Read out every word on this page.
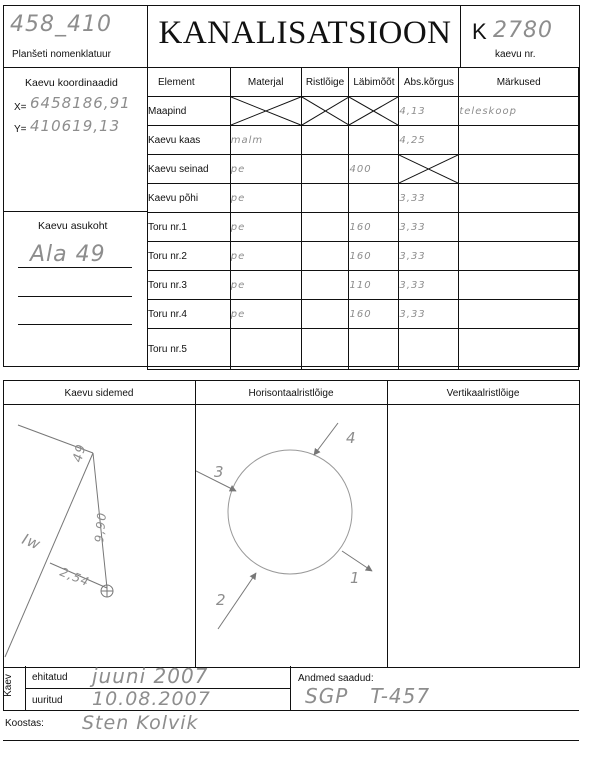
458_410
Planšeti nomenklatuur
KANALISATSIOON K 2780
kaevu nr.
Kaevu koordinaadid
X= 6458186,91
Y= 410619,13
Kaevu asukoht
Ala 49
Element	Materjal	Ristlõige	Läbimõõt	Abs.kõrgus	Märkused
Maapind				4,13	teleskoop
Kaevu kaas	malm			4,25	
Kaevu seinad	pe		400	

Kaevu põhi	pe			3,33	
Toru nr.1	pe		160	3,33	
Toru nr.2	pe		160	3,33	
Toru nr.3	pe		110	3,33	
Toru nr.4	pe		160	3,33	
Toru nr.5					
Kaevu sidemed	Horisontaalristlõige	Vertikaalristlõige
49
9,90
2,54
Iw
1
2
3
4
Kaev ehitatud juuni 2007
uuritud 10.08.2007
Andmed saadud:
SGP   T-457
Koostas: Sten Kolvik
